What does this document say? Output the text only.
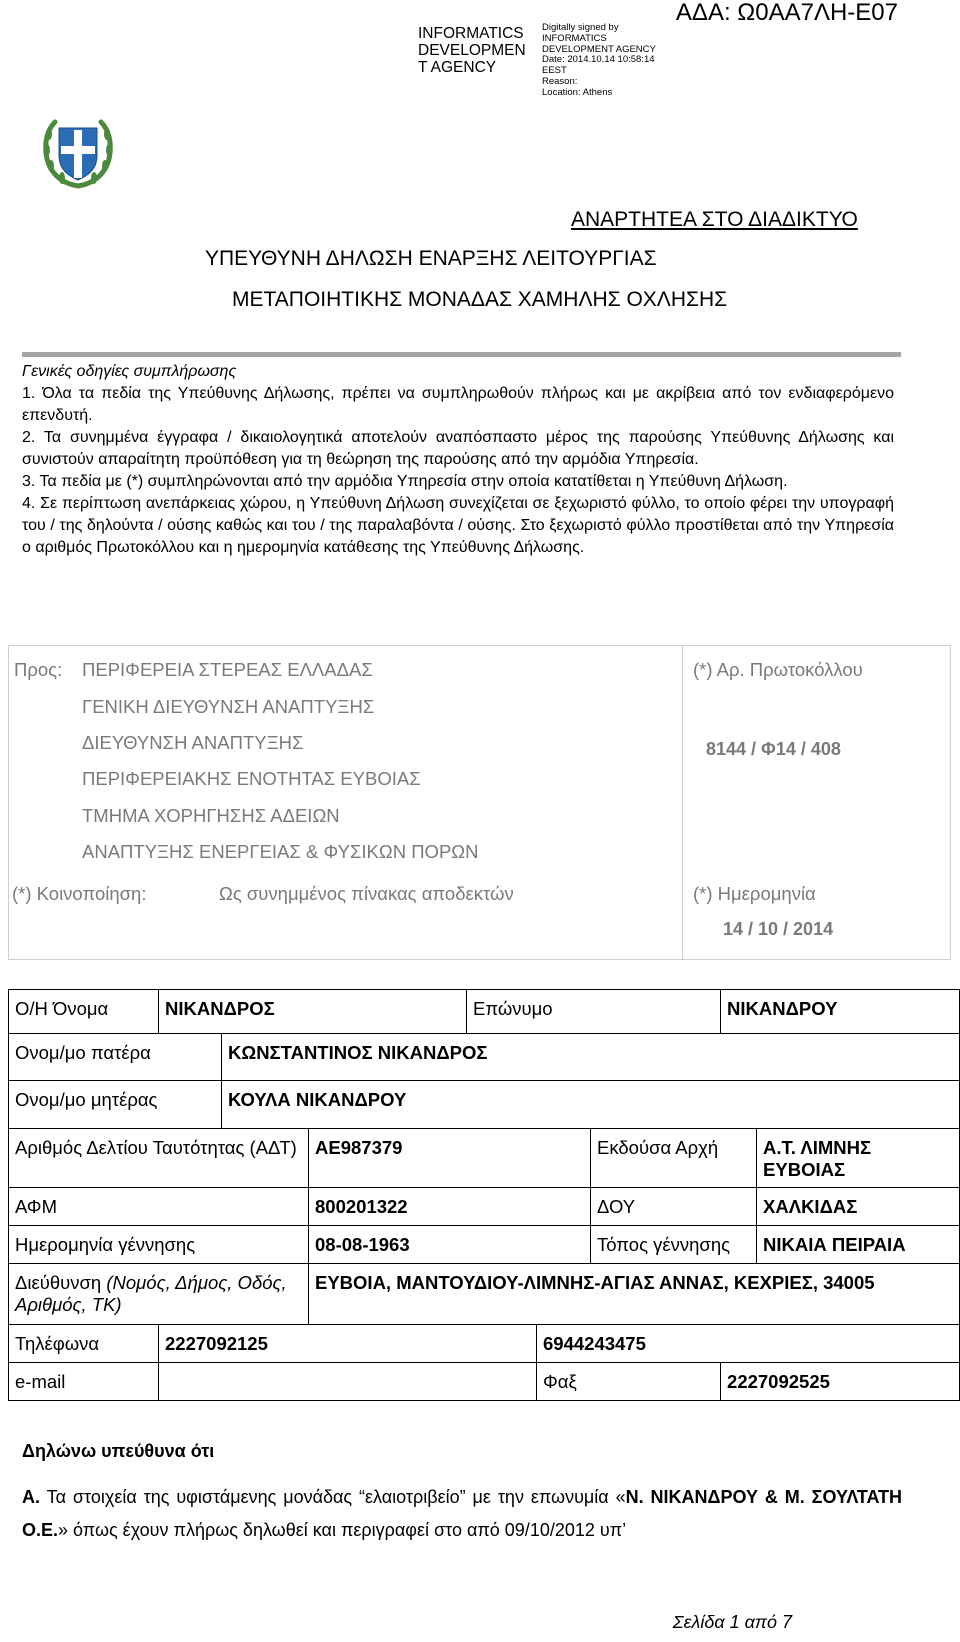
ΑΔΑ: Ω0ΑΑ7ΛΗ-Ε07
INFORMATICS
DEVELOPMEN
T AGENCY
Digitally signed by
INFORMATICS
DEVELOPMENT AGENCY
Date: 2014.10.14 10:58:14
EEST
Reason:
Location: Athens
ΑΝΑΡΤΗΤΕΑ ΣΤΟ ΔΙΑΔΙΚΤΥΟ
ΥΠΕΥΘΥΝΗ ΔΗΛΩΣΗ ΕΝΑΡΞΗΣ ΛΕΙΤΟΥΡΓΙΑΣ
ΜΕΤΑΠΟΙΗΤΙΚΗΣ ΜΟΝΑΔΑΣ ΧΑΜΗΛΗΣ ΟΧΛΗΣΗΣ

Γενικές οδηγίες συμπλήρωσης

1. Όλα τα πεδία της Υπεύθυνης Δήλωσης, πρέπει να συμπληρωθούν πλήρως και με ακρίβεια από τον ενδιαφερόμενο επενδυτή.

2. Τα συνημμένα έγγραφα / δικαιολογητικά αποτελούν αναπόσπαστο μέρος της παρούσης Υπεύθυνης Δήλωσης και συνιστούν απαραίτητη προϋπόθεση για τη θεώρηση της παρούσης από την αρμόδια Υπηρεσία.

3. Τα πεδία με (*) συμπληρώνονται από την αρμόδια Υπηρεσία στην οποία κατατίθεται η Υπεύθυνη Δήλωση.

4. Σε περίπτωση ανεπάρκειας χώρου, η Υπεύθυνη Δήλωση συνεχίζεται σε ξεχωριστό φύλλο, το οποίο φέρει την υπογραφή του / της δηλούντα / ούσης καθώς και του / της παραλαβόντα / ούσης. Στο ξεχωριστό φύλλο προστίθεται από την Υπηρεσία ο αριθμός Πρωτοκόλλου και η ημερομηνία κατάθεσης της Υπεύθυνης Δήλωσης.

Προς: ΠΕΡΙΦΕΡΕΙΑ ΣΤΕΡΕΑΣ ΕΛΛΑΔΑΣ
ΓΕΝΙΚΗ ΔΙΕΥΘΥΝΣΗ ΑΝΑΠΤΥΞΗΣ
ΔΙΕΥΘΥΝΣΗ ΑΝΑΠΤΥΞΗΣ
ΠΕΡΙΦΕΡΕΙΑΚΗΣ ΕΝΟΤΗΤΑΣ ΕΥΒΟΙΑΣ
ΤΜΗΜΑ ΧΟΡΗΓΗΣΗΣ ΑΔΕΙΩΝ
ΑΝΑΠΤΥΞΗΣ ΕΝΕΡΓΕΙΑΣ & ΦΥΣΙΚΩΝ ΠΟΡΩΝ
(*) Κοινοποίηση:	Ως συνημμένος πίνακας αποδεκτών
(*) Αρ. Πρωτοκόλλου
8144 / Φ14 / 408
(*) Ημερομηνία
14 / 10 / 2014
Ο/Η Όνομα	ΝΙΚΑΝΔΡΟΣ			Επώνυμο			ΝΙΚΑΝΔΡΟΥ	
Ονομ/μο πατέρα		ΚΩΝΣΤΑΝΤΙΝΟΣ ΝΙΚΑΝΔΡΟΣ						
Ονομ/μο μητέρας		ΚΟΥΛΑ ΝΙΚΑΝΔΡΟΥ						
Αριθμός Δελτίου Ταυτότητας (ΑΔΤ)			ΑΕ987379			Εκδούσα Αρχή		Α.Τ. ΛΙΜΝΗΣ ΕΥΒΟΙΑΣ
ΑΦΜ			800201322			ΔΟΥ		ΧΑΛΚΙΔΑΣ
Ημερομηνία γέννησης			08-08-1963			Τόπος γέννησης		ΝΙΚΑΙΑ ΠΕΙΡΑΙΑ
Διεύθυνση (Νομός, Δήμος, Οδός, Αριθμός, ΤΚ)			ΕΥΒΟΙΑ, ΜΑΝΤΟΥΔΙΟΥ-ΛΙΜΝΗΣ-ΑΓΙΑΣ ΑΝΝΑΣ, ΚΕΧΡΙΕΣ, 34005					
Τηλέφωνα	2227092125				6944243475			
e-mail					Φαξ		2227092525	
Δηλώνω υπεύθυνα ότι
Α. Τα στοιχεία της υφιστάμενης μονάδας “ελαιοτριβείο” με την επωνυμία «Ν. ΝΙΚΑΝΔΡΟΥ & Μ. ΣΟΥΛΤΑΤΗ Ο.Ε.» όπως έχουν πλήρως δηλωθεί και περιγραφεί στο από 09/10/2012 υπ’
Σελίδα 1 από 7
